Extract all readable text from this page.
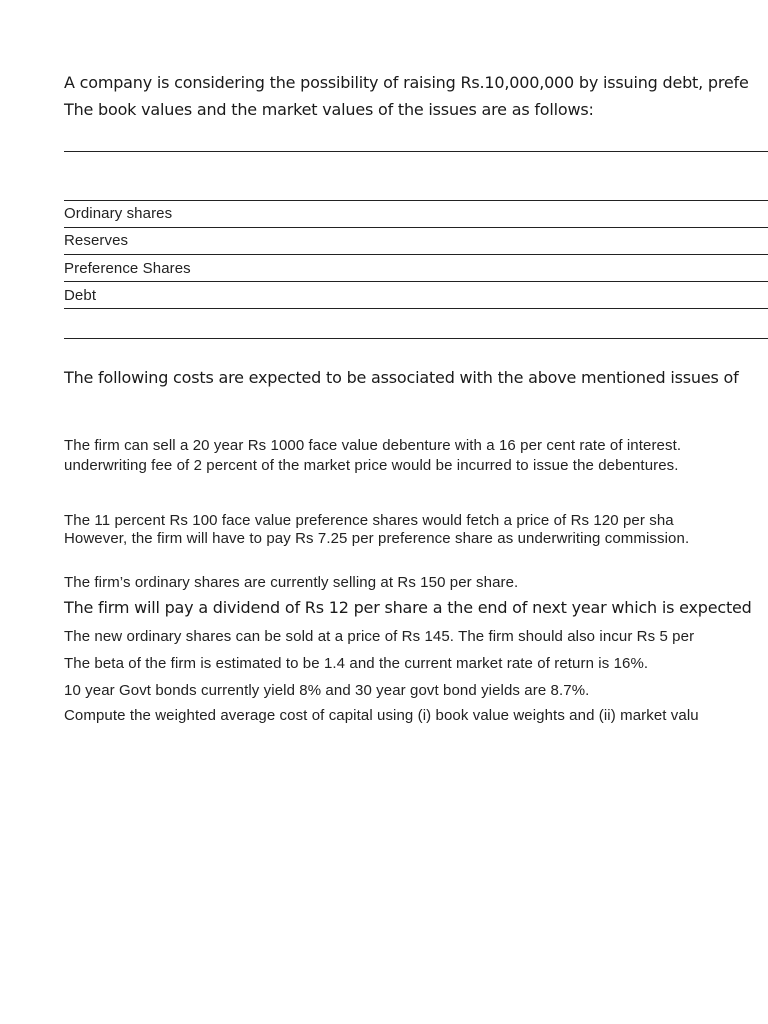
A company is considering the possibility of raising Rs.10,000,000 by issuing debt, prefe
The book values and the market values of the issues are as follows:
Ordinary shares
Reserves
Preference Shares
Debt
The following costs are expected to be associated with the above mentioned issues of
The firm can sell a 20 year Rs 1000 face value debenture with a 16 per cent rate of interest.
underwriting fee of 2 percent of the market price would be incurred to issue the debentures.
The 11 percent Rs 100 face value preference shares would fetch a price of Rs 120 per sha
However, the firm will have to pay Rs 7.25 per preference share as underwriting commission.
The firm’s ordinary shares are currently selling at Rs 150 per share.
The firm will pay a dividend of Rs 12 per share a the end of next year which is expected
The new ordinary shares can be sold at a price of Rs 145. The firm should also incur Rs 5 per
The beta of the firm is estimated to be 1.4 and the current market rate of return is 16%.
10 year Govt bonds currently yield 8% and 30 year govt bond yields are 8.7%.
Compute the weighted average cost of capital using (i) book value weights and (ii) market valu
